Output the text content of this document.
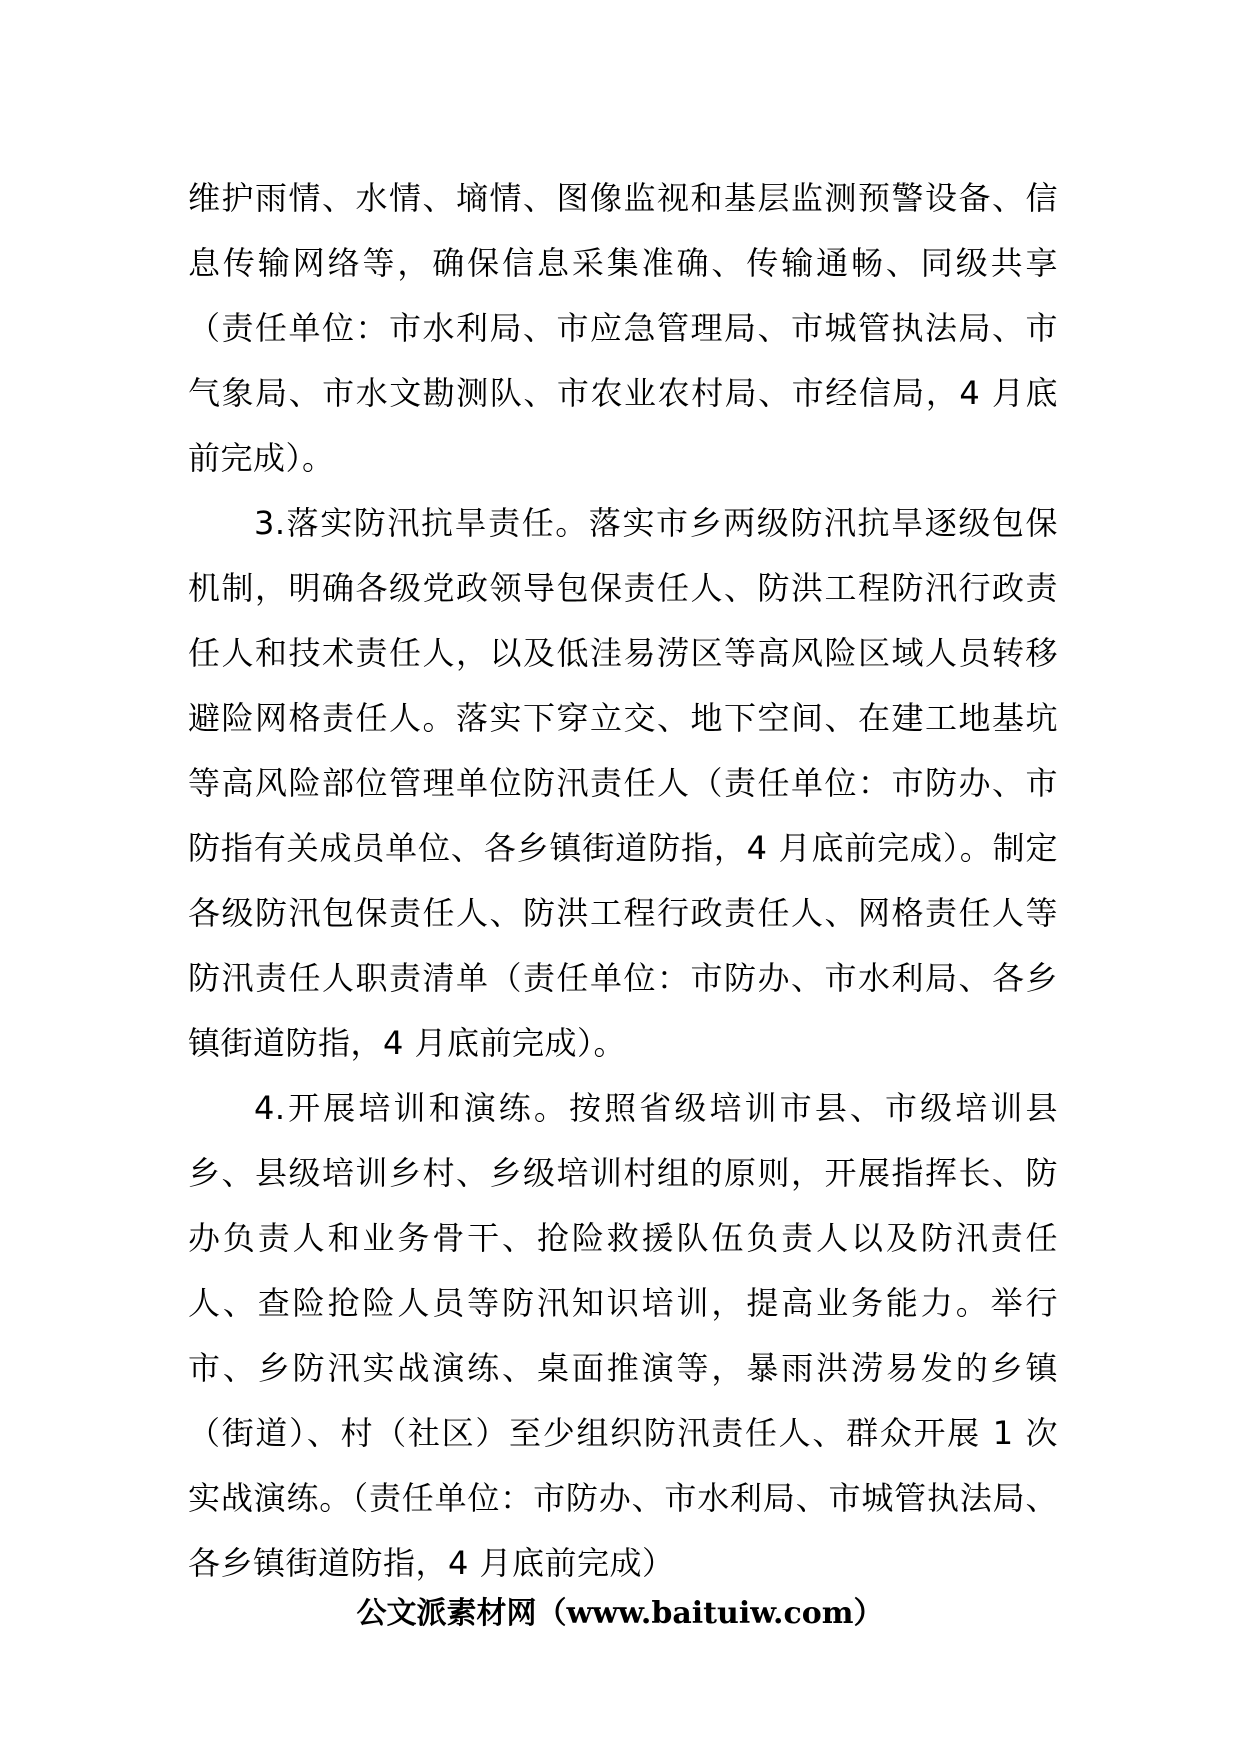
维护雨情、水情、墒情、图像监视和基层监测预警设备、信息传输网络等，确保信息采集准确、传输通畅、同级共享（责任单位：市水利局、市应急管理局、市城管执法局、市气象局、市水文勘测队、市农业农村局、市经信局，4 月底前完成）。

3.落实防汛抗旱责任。落实市乡两级防汛抗旱逐级包保机制，明确各级党政领导包保责任人、防洪工程防汛行政责任人和技术责任人，以及低洼易涝区等高风险区域人员转移避险网格责任人。落实下穿立交、地下空间、在建工地基坑等高风险部位管理单位防汛责任人（责任单位：市防办、市防指有关成员单位、各乡镇街道防指，4 月底前完成）。制定各级防汛包保责任人、防洪工程行政责任人、网格责任人等防汛责任人职责清单（责任单位：市防办、市水利局、各乡镇街道防指，4 月底前完成）。

4.开展培训和演练。按照省级培训市县、市级培训县乡、县级培训乡村、乡级培训村组的原则，开展指挥长、防办负责人和业务骨干、抢险救援队伍负责人以及防汛责任人、查险抢险人员等防汛知识培训，提高业务能力。举行市、乡防汛实战演练、桌面推演等，暴雨洪涝易发的乡镇（街道）、村（社区）至少组织防汛责任人、群众开展 1 次实战演练。（责任单位：市防办、市水利局、市城管执法局、各乡镇街道防指，4 月底前完成）

公文派素材网（www.baituiw.com）
